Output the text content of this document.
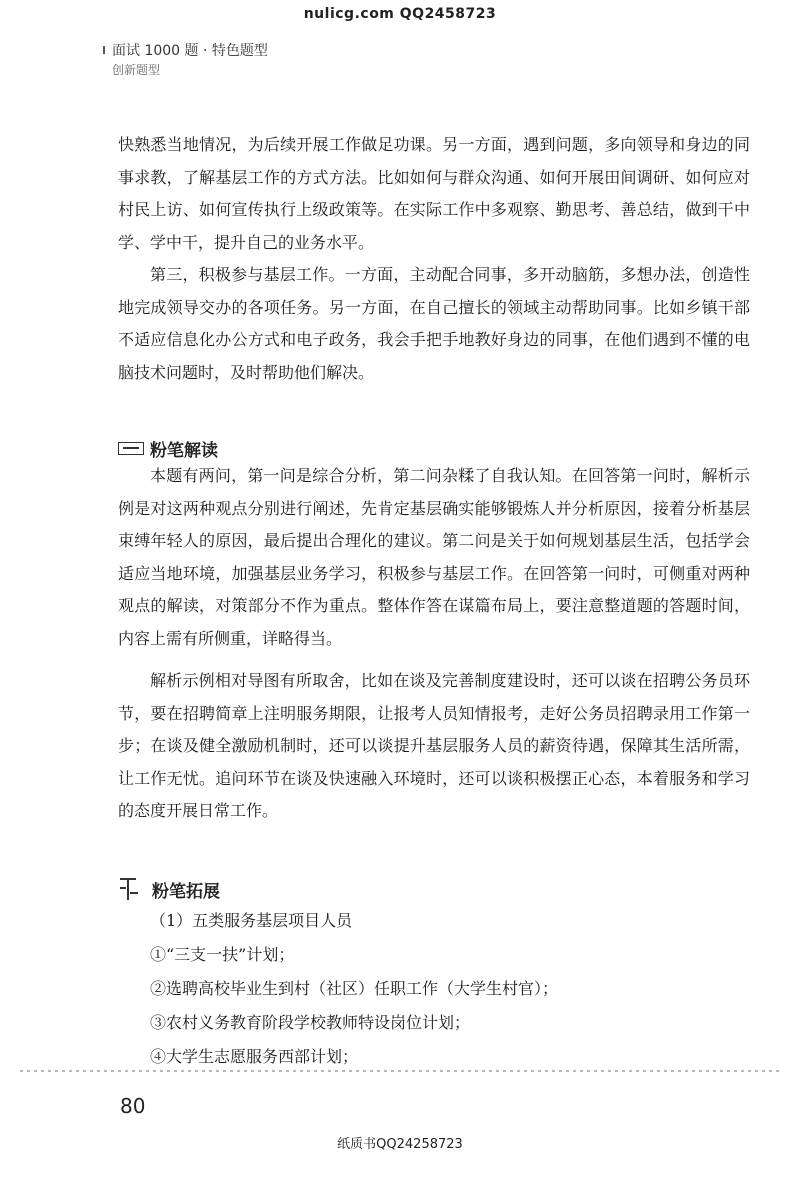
nulicg.com QQ2458723
面试 1000 题 · 特色题型
创新题型

快熟悉当地情况，为后续开展工作做足功课。另一方面，遇到问题，多向领导和身边的同事求教，了解基层工作的方式方法。比如如何与群众沟通、如何开展田间调研、如何应对村民上访、如何宣传执行上级政策等。在实际工作中多观察、勤思考、善总结，做到干中学、学中干，提升自己的业务水平。

第三，积极参与基层工作。一方面，主动配合同事，多开动脑筋，多想办法，创造性地完成领导交办的各项任务。另一方面，在自己擅长的领域主动帮助同事。比如乡镇干部不适应信息化办公方式和电子政务，我会手把手地教好身边的同事，在他们遇到不懂的电脑技术问题时，及时帮助他们解决。

粉笔解读

本题有两问，第一问是综合分析，第二问杂糅了自我认知。在回答第一问时，解析示例是对这两种观点分别进行阐述，先肯定基层确实能够锻炼人并分析原因，接着分析基层束缚年轻人的原因，最后提出合理化的建议。第二问是关于如何规划基层生活，包括学会适应当地环境，加强基层业务学习，积极参与基层工作。在回答第一问时，可侧重对两种观点的解读，对策部分不作为重点。整体作答在谋篇布局上，要注意整道题的答题时间，内容上需有所侧重，详略得当。

解析示例相对导图有所取舍，比如在谈及完善制度建设时，还可以谈在招聘公务员环节，要在招聘简章上注明服务期限，让报考人员知情报考，走好公务员招聘录用工作第一步；在谈及健全激励机制时，还可以谈提升基层服务人员的薪资待遇，保障其生活所需，让工作无忧。追问环节在谈及快速融入环境时，还可以谈积极摆正心态，本着服务和学习的态度开展日常工作。

粉笔拓展
（1）五类服务基层项目人员
①“三支一扶”计划；
②选聘高校毕业生到村（社区）任职工作（大学生村官）；
③农村义务教育阶段学校教师特设岗位计划；
④大学生志愿服务西部计划；
80
纸质书QQ24258723
